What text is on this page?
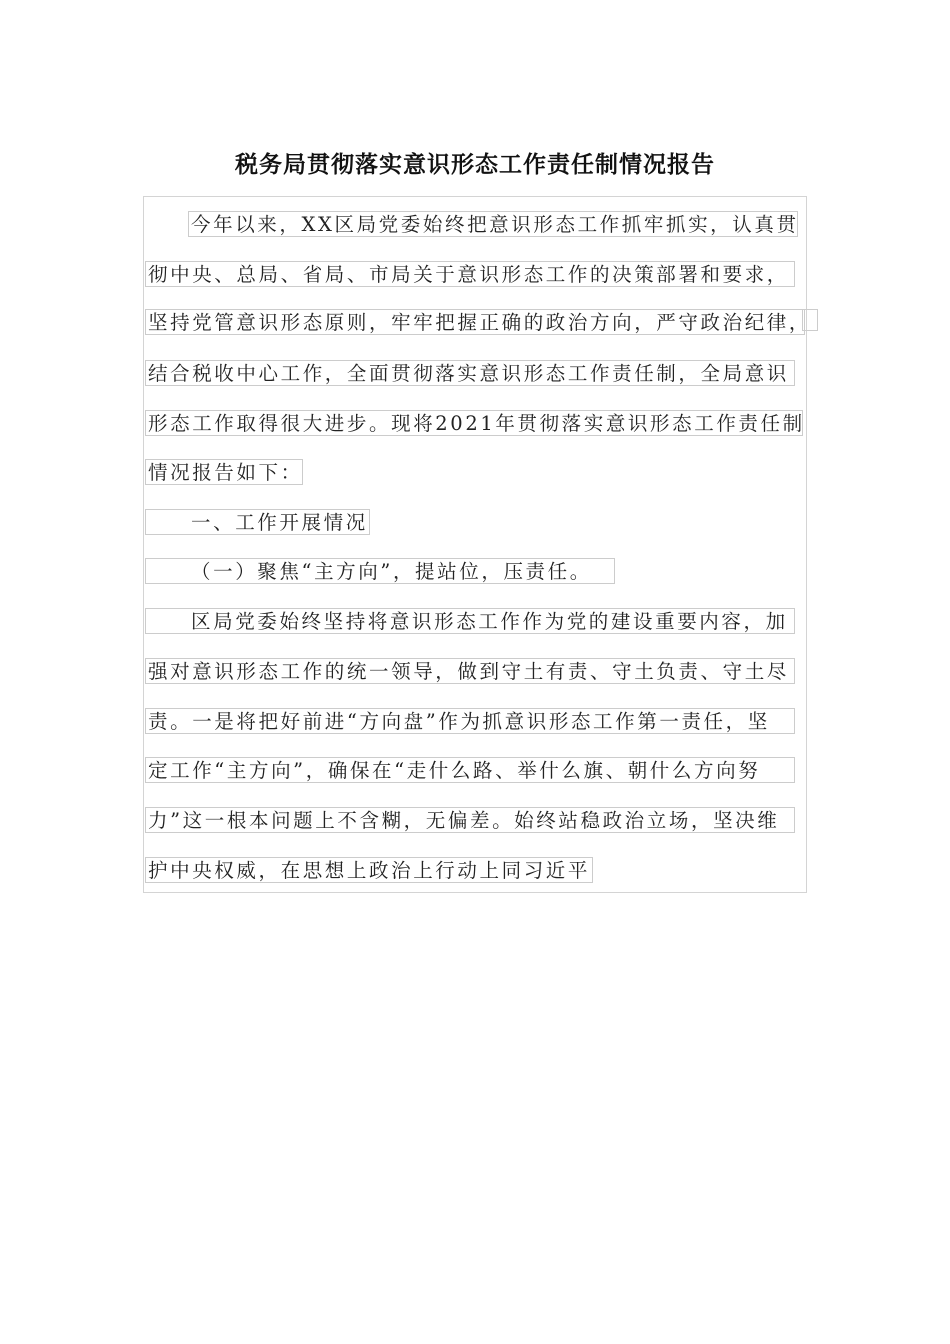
税务局贯彻落实意识形态工作责任制情况报告
今年以来，XX区局党委始终把意识形态工作抓牢抓实，认真贯
彻中央、总局、省局、市局关于意识形态工作的决策部署和要求，
坚持党管意识形态原则，牢牢把握正确的政治方向，严守政治纪律，
结合税收中心工作，全面贯彻落实意识形态工作责任制，全局意识
形态工作取得很大进步。现将2021年贯彻落实意识形态工作责任制
情况报告如下：
一、工作开展情况
（一）聚焦“主方向”，提站位，压责任。
区局党委始终坚持将意识形态工作作为党的建设重要内容，加
强对意识形态工作的统一领导，做到守土有责、守土负责、守土尽
责。一是将把好前进“方向盘”作为抓意识形态工作第一责任，坚
定工作“主方向”，确保在“走什么路、举什么旗、朝什么方向努
力”这一根本问题上不含糊，无偏差。始终站稳政治立场，坚决维
护中央权威，在思想上政治上行动上同习近平
